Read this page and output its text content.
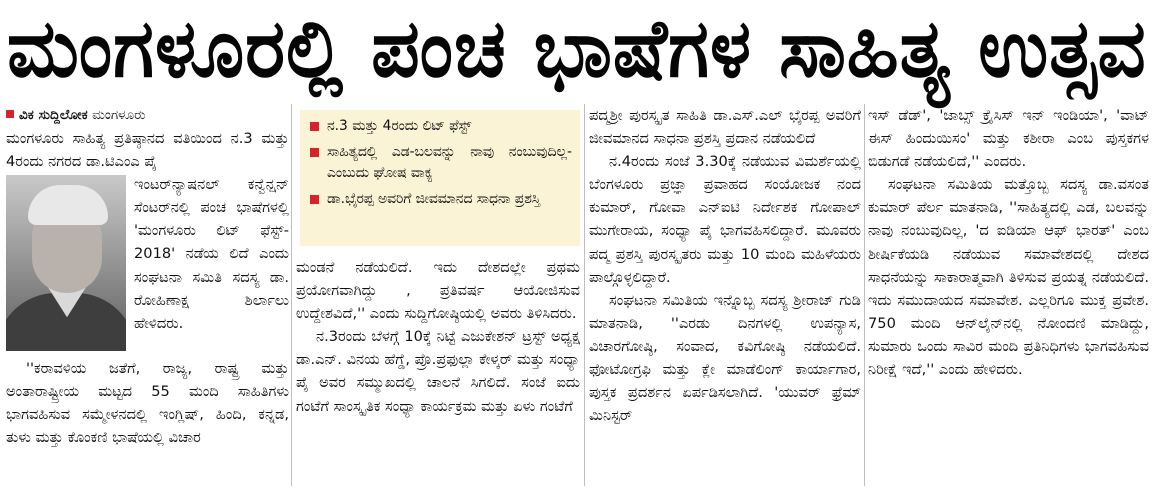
ಮಂಗಳೂರಲ್ಲಿ ಪಂಚ ಭಾಷೆಗಳ ಸಾಹಿತ್ಯ ಉತ್ಸವ
ವಿಕ ಸುದ್ದಿಲೋಕ ಮಂಗಳೂರು

ಮಂಗಳೂರು ಸಾಹಿತ್ಯ ಪ್ರತಿಷ್ಠಾನದ ವತಿಯಿಂದ ನ.3 ಮತ್ತು 4ರಂದು ನಗರದ ಡಾ.ಟಿಎಂಎ ಪೈ

ಇಂಟರ್‌ನ್ಯಾಷನಲ್ ಕನ್ವೆನ್ಷನ್ ಸೆಂಟರ್‌ನಲ್ಲಿ ಪಂಚ ಭಾಷೆಗಳಲ್ಲಿ 'ಮಂಗಳೂರು ಲಿಟ್ ಫೆಸ್ಟ್- 2018' ನಡೆಯ ಲಿದೆ ಎಂದು ಸಂಘಟನಾ ಸಮಿತಿ ಸದಸ್ಯ ಡಾ. ರೋಹಿಣಾಕ್ಷ ಶಿರ್ಲಾಲು ಹೇಳಿದರು.

''ಕರಾವಳಿಯ ಜತೆಗೆ, ರಾಜ್ಯ, ರಾಷ್ಟ್ರ ಮತ್ತು ಅಂತಾರಾಷ್ಟ್ರೀಯ ಮಟ್ಟದ 55 ಮಂದಿ ಸಾಹಿತಿಗಳು ಭಾಗವಹಿಸುವ ಸಮ್ಮೇಳನದಲ್ಲಿ ಇಂಗ್ಲಿಷ್, ಹಿಂದಿ, ಕನ್ನಡ, ತುಳು ಮತ್ತು ಕೊಂಕಣಿ ಭಾಷೆಯಲ್ಲಿ ವಿಚಾರ

ನ.3 ಮತ್ತು 4ರಂದು ಲಿಟ್ ಫೆಸ್ಟ್
ಸಾಹಿತ್ಯದಲ್ಲಿ ಎಡ-ಬಲವನ್ನು ನಾವು ನಂಬುವುದಿಲ್ಲ- ಎಂಬುದು ಘೋಷ ವಾಕ್ಯ
ಡಾ.ಭೈರಪ್ಪ ಅವರಿಗೆ ಜೀವಮಾನದ ಸಾಧನಾ ಪ್ರಶಸ್ತಿ

ಮಂಡನೆ ನಡೆಯಲಿದೆ. ಇದು ದೇಶದಲ್ಲೇ ಪ್ರಥಮ ಪ್ರಯೋಗವಾಗಿದ್ದು , ಪ್ರತಿವರ್ಷ ಆಯೋಜಿಸುವ ಉದ್ದೇಶವಿದೆ,'' ಎಂದು ಸುದ್ದಿಗೋಷ್ಠಿಯಲ್ಲಿ ಅವರು ತಿಳಿಸಿದರು.

ನ.3ರಂದು ಬೆಳಗ್ಗೆ 10ಕ್ಕೆ ನಿಟ್ಟೆ ಎಜುಕೇಶನ್ ಟ್ರಸ್ಟ್ ಅಧ್ಯಕ್ಷ ಡಾ.ಎನ್. ವಿನಯ ಹೆಗ್ಡೆ, ಪ್ರೊ.ಪ್ರಫುಲ್ಲಾ ಕೇಳ್ಕರ್ ಮತ್ತು ಸಂಧ್ಯಾ ಪೈ ಅವರ ಸಮ್ಮುಖದಲ್ಲಿ ಚಾಲನೆ ಸಿಗಲಿದೆ. ಸಂಜೆ ಐದು ಗಂಟೆಗೆ ಸಾಂಸ್ಕೃತಿಕ ಸಂಧ್ಯಾ ಕಾರ್ಯಕ್ರಮ ಮತ್ತು ಏಳು ಗಂಟೆಗೆ

ಪದ್ಮಶ್ರೀ ಪುರಸ್ಕೃತ ಸಾಹಿತಿ ಡಾ.ಎಸ್.ಎಲ್ ಭೈರಪ್ಪ ಅವರಿಗೆ ಜೀವಮಾನದ ಸಾಧನಾ ಪ್ರಶಸ್ತಿ ಪ್ರದಾನ ನಡೆಯಲಿದೆ

ನ.4ರಂದು ಸಂಜೆ 3.30ಕ್ಕೆ ನಡೆಯುವ ವಿಮರ್ಶೆಯಲ್ಲಿ ಬೆಂಗಳೂರು ಪ್ರಜ್ಞಾ ಪ್ರವಾಹದ ಸಂಯೋಜಕ ನಂದ ಕುಮಾರ್, ಗೋವಾ ಎನ್‌ಐಟಿ ನಿರ್ದೇಶಕ ಗೋಪಾಲ್ ಮುಗೇರಾಯ, ಸಂಧ್ಯಾ ಪೈ ಭಾಗವಹಿಸಲಿದ್ದಾರೆ. ಮೂವರು ಪದ್ಮ ಪ್ರಶಸ್ತಿ ಪುರಸ್ಕೃತರು ಮತ್ತು 10 ಮಂದಿ ಮಹಿಳೆಯರು ಪಾಲ್ಗೊಳ್ಳಲಿದ್ದಾರೆ.

ಸಂಘಟನಾ ಸಮಿತಿಯ ಇನ್ನೊಬ್ಬ ಸದಸ್ಯ ಶ್ರೀರಾಜ್ ಗುಡಿ ಮಾತನಾಡಿ, ''ಎರಡು ದಿನಗಳಲ್ಲಿ ಉಪನ್ಯಾಸ, ವಿಚಾರಗೋಷ್ಠಿ, ಸಂವಾದ, ಕವಿಗೋಷ್ಠಿ ನಡೆಯಲಿದೆ. ಫೋಟೋಗ್ರಫಿ ಮತ್ತು ಕ್ಲೇ ಮಾಡೆಲಿಂಗ್ ಕಾರ್ಯಾಗಾರ, ಪುಸ್ತಕ ಪ್ರದರ್ಶನ ಏರ್ಪಡಿಸಲಾಗಿದೆ. 'ಯುವರ್ ಫ್ರೆಮ್ ಮಿನಿಸ್ಟರ್

ಇಸ್ ಡೆಡ್', 'ಜಾಬ್ಸ್ ಕ್ರೈಸಿಸ್ ಇನ್ ಇಂಡಿಯಾ', 'ವಾಟ್ ಈಸ್ ಹಿಂದುಯಿಸಂ' ಮತ್ತು ಕಶೀರಾ ಎಂಬ ಪುಸ್ತಕಗಳ ಬಿಡುಗಡೆ ನಡೆಯಲಿದೆ,'' ಎಂದರು.

ಸಂಘಟನಾ ಸಮಿತಿಯ ಮತ್ತೊಬ್ಬ ಸದಸ್ಯ ಡಾ.ವಸಂತ ಕುಮಾರ್ ಪೆರ್ಲ ಮಾತನಾಡಿ, ''ಸಾಹಿತ್ಯದಲ್ಲಿ ಎಡ, ಬಲವನ್ನು ನಾವು ನಂಬುವುದಿಲ್ಲ, 'ದ ಐಡಿಯಾ ಆಫ್ ಭಾರತ್' ಎಂಬ ಶೀರ್ಷಿಕೆಯಡಿ ನಡೆಯುವ ಸಮಾವೇಶದಲ್ಲಿ ದೇಶದ ಸಾಧನೆಯನ್ನು ಸಾಕಾರಾತ್ಮವಾಗಿ ತಿಳಿಸುವ ಪ್ರಯತ್ನ ನಡೆಯಲಿದೆ. ಇದು ಸಮುದಾಯದ ಸಮಾವೇಶ. ಎಲ್ಲರಿಗೂ ಮುಕ್ತ ಪ್ರವೇಶ. 750 ಮಂದಿ ಆನ್‌ಲೈನ್‌ನಲ್ಲಿ ನೋಂದಣಿ ಮಾಡಿದ್ದು, ಸುಮಾರು ಒಂದು ಸಾವಿರ ಮಂದಿ ಪ್ರತಿನಿಧಿಗಳು ಭಾಗವಹಿಸುವ ನಿರೀಕ್ಷೆ ಇದೆ,'' ಎಂದು ಹೇಳಿದರು.
